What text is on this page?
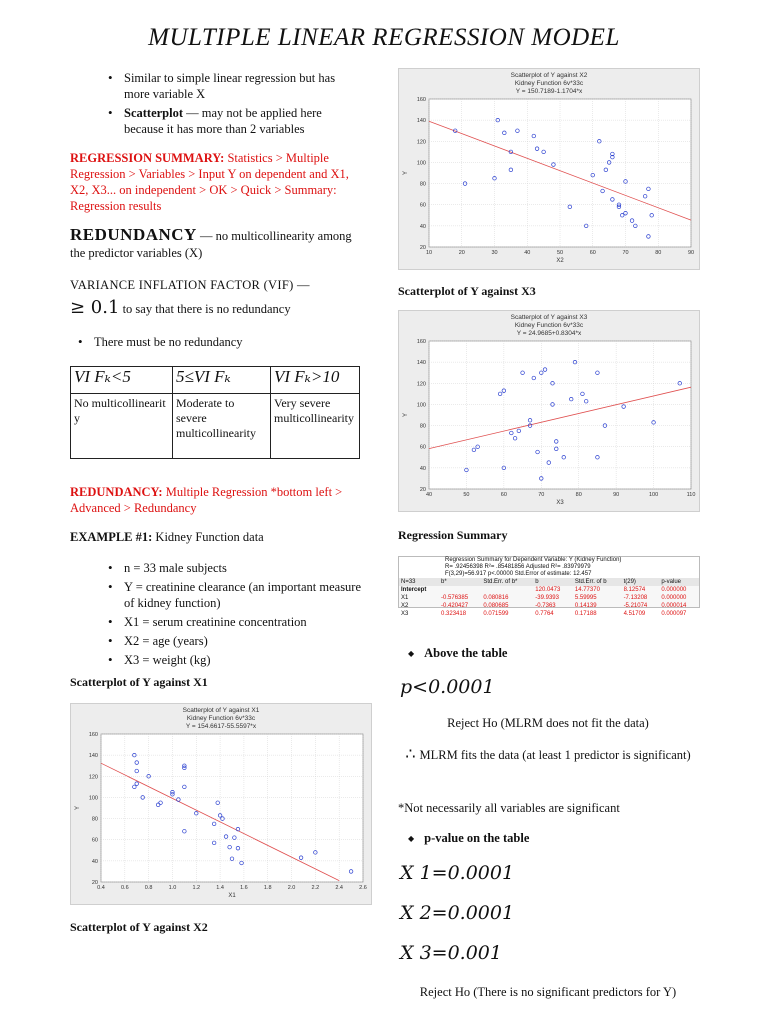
MULTIPLE LINEAR REGRESSION MODEL
• Similar to simple linear regression but has more variable X
• Scatterplot — may not be applied here because it has more than 2 variables
REGRESSION SUMMARY: Statistics > Multiple Regression > Variables > Input Y on dependent and X1, X2, X3... on independent > OK > Quick > Summary: Regression results
REDUNDANCY — no multicollinearity among the predictor variables (X)
VARIANCE INFLATION FACTOR (VIF) —
≥ 0.1 to say that there is no redundancy
• There must be no redundancy
VI Fₖ<5	5≤VI Fₖ	VI Fₖ>10
No multicollinearity	Moderate to severe multicollinearity	Very severe multicollinearity
REDUNDANCY: Multiple Regression *bottom left > Advanced > Redundancy
EXAMPLE #1: Kidney Function data
• n = 33 male subjects
• Y = creatinine clearance (an important measure of kidney function)
• X1 = serum creatinine concentration
• X2 = age (years)
• X3 = weight (kg)
Scatterplot of Y against X1
Scatterplot of Y against X1
Kidney Function 6v*33c
Y = 154.6617-55.5597*x
0.4	0.6	0.8	1.0	1.2	1.4	1.6	1.8	2.0	2.2	2.4	2.6
20
40
60
80
100
120
140
160
X1
Y
Scatterplot of Y against X2
Scatterplot of Y against X2
Kidney Function 6v*33c
Y = 150.7189-1.1704*x
10	20	30	40	50	60	70	80	90
20
40
60
80
100
120
140
160
X2
Y
Scatterplot of Y against X3
Scatterplot of Y against X3
Kidney Function 6v*33c
Y = 24.9685+0.8304*x
40	50	60	70	80	90	100	110
20
40
60
80
100
120
140
160
X3
Y
Regression Summary
Regression Summary for Dependent Variable: Y (Kidney Function)
R= .92456398 R²= .85481856 Adjusted R²= .83979979
F(3,29)=56.917 p<.00000 Std.Error of estimate: 12.457
N=33	b*	Std.Err. of b*	b	Std.Err. of b	t(29)	p-value
Intercept			120.0473	14.77370	8.12574	0.000000
X1	-0.576385	0.080816	-39.9393	5.59995	-7.13208	0.000000
X2	-0.420427	0.080685	-0.7363	0.14139	-5.21074	0.000014
X3	0.323418	0.071599	0.7764	0.17188	4.51709	0.000097
◆ Above the table
p<0.0001
Reject Ho (MLRM does not fit the data)
∴ MLRM fits the data (at least 1 predictor is significant)
*Not necessarily all variables are significant
◆ p-value on the table
X 1=0.0001
X 2=0.0001
X 3=0.001
Reject Ho (There is no significant predictors for Y)
